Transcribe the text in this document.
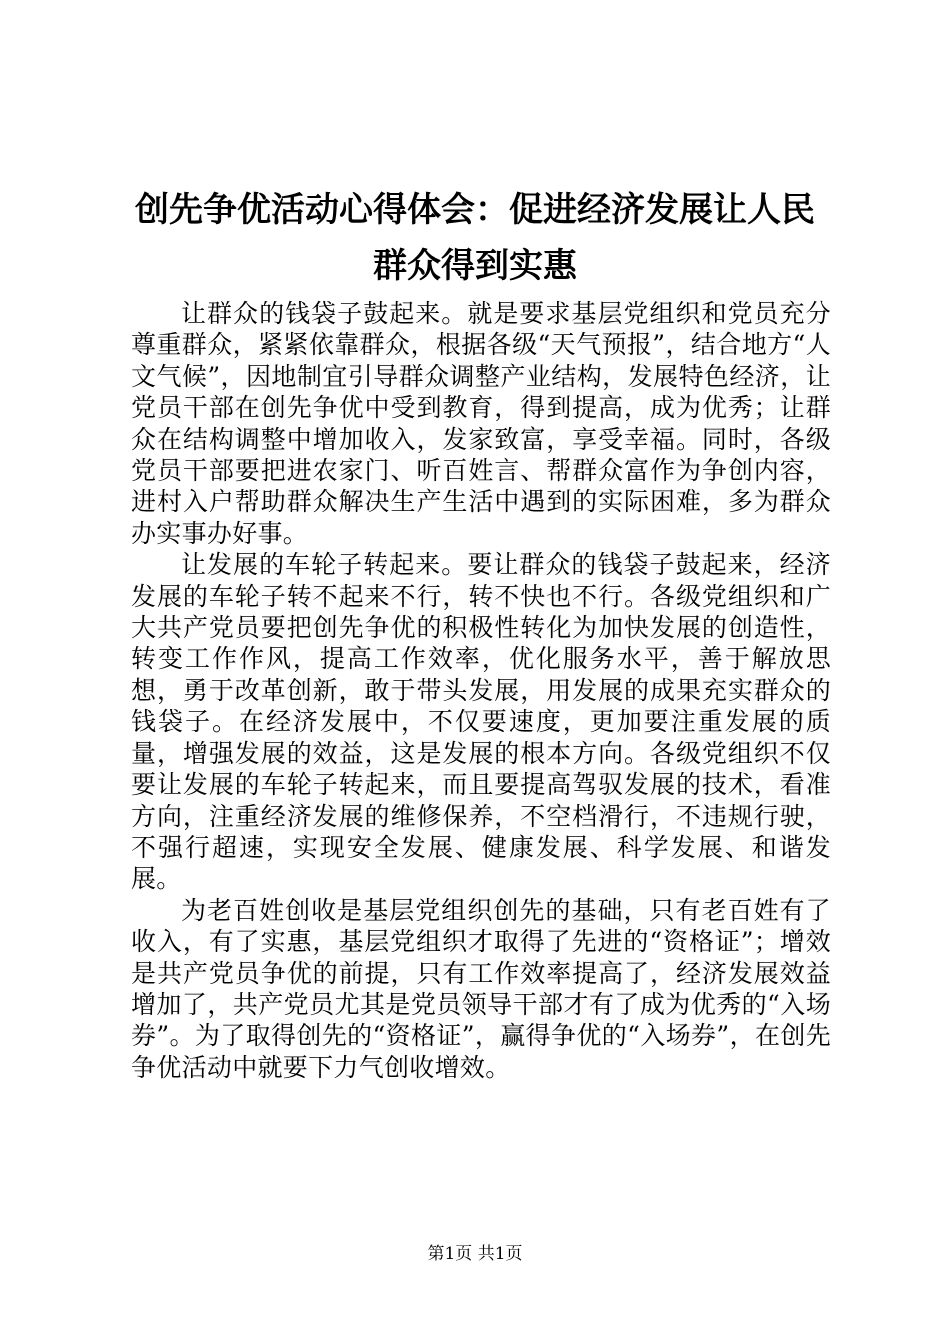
创先争优活动心得体会：促进经济发展让人民
群众得到实惠

让群众的钱袋子鼓起来。就是要求基层党组织和党员充分尊重群众，紧紧依靠群众，根据各级“天气预报”，结合地方“人文气候”，因地制宜引导群众调整产业结构，发展特色经济，让党员干部在创先争优中受到教育，得到提高，成为优秀；让群众在结构调整中增加收入，发家致富，享受幸福。同时，各级党员干部要把进农家门、听百姓言、帮群众富作为争创内容，进村入户帮助群众解决生产生活中遇到的实际困难，多为群众办实事办好事。

让发展的车轮子转起来。要让群众的钱袋子鼓起来，经济发展的车轮子转不起来不行，转不快也不行。各级党组织和广大共产党员要把创先争优的积极性转化为加快发展的创造性，转变工作作风，提高工作效率，优化服务水平，善于解放思想，勇于改革创新，敢于带头发展，用发展的成果充实群众的钱袋子。在经济发展中，不仅要速度，更加要注重发展的质量，增强发展的效益，这是发展的根本方向。各级党组织不仅要让发展的车轮子转起来，而且要提高驾驭发展的技术，看准方向，注重经济发展的维修保养，不空档滑行，不违规行驶，不强行超速，实现安全发展、健康发展、科学发展、和谐发展。

为老百姓创收是基层党组织创先的基础，只有老百姓有了收入，有了实惠，基层党组织才取得了先进的“资格证”；增效是共产党员争优的前提，只有工作效率提高了，经济发展效益增加了，共产党员尤其是党员领导干部才有了成为优秀的“入场券”。为了取得创先的“资格证”，赢得争优的“入场券”，在创先争优活动中就要下力气创收增效。

第1页 共1页
